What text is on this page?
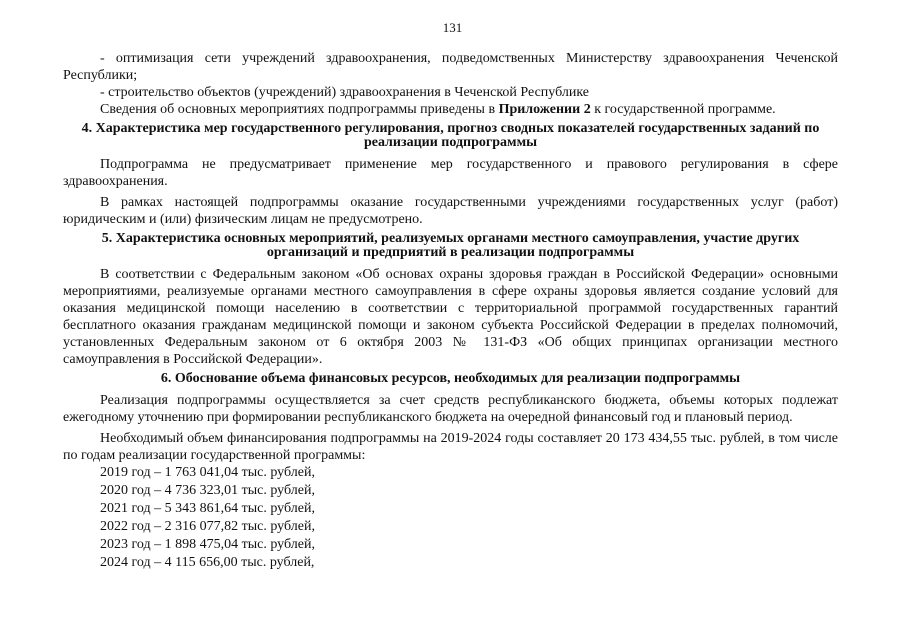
131

- оптимизация сети учреждений здравоохранения, подведомственных Министерству здравоохранения Чеченской Республики;

- строительство объектов (учреждений) здравоохранения в Чеченской Республике

Сведения об основных мероприятиях подпрограммы приведены в Приложении 2 к государственной программе.

4. Характеристика мер государственного регулирования, прогноз сводных показателей государственных заданий по реализации подпрограммы

Подпрограмма не предусматривает применение мер государственного и правового регулирования в сфере здравоохранения.

В рамках настоящей подпрограммы оказание государственными учреждениями государственных услуг (работ) юридическим и (или) физическим лицам не предусмотрено.

5. Характеристика основных мероприятий, реализуемых органами местного самоуправления, участие других организаций и предприятий в реализации подпрограммы

В соответствии с Федеральным законом «Об основах охраны здоровья граждан в Российской Федерации» основными мероприятиями, реализуемые органами местного самоуправления в сфере охраны здоровья является создание условий для оказания медицинской помощи населению в соответствии с территориальной программой государственных гарантий бесплатного оказания гражданам медицинской помощи и законом субъекта Российской Федерации в пределах полномочий, установленных Федеральным законом от 6 октября 2003 № 131-ФЗ «Об общих принципах организации местного самоуправления в Российской Федерации».

6. Обоснование объема финансовых ресурсов, необходимых для реализации подпрограммы

Реализация подпрограммы осуществляется за счет средств республиканского бюджета, объемы которых подлежат ежегодному уточнению при формировании республиканского бюджета на очередной финансовый год и плановый период.

Необходимый объем финансирования подпрограммы на 2019-2024 годы составляет 20 173 434,55 тыс. рублей, в том числе по годам реализации государственной программы:

2019 год – 1 763 041,04 тыс. рублей,
2020 год – 4 736 323,01 тыс. рублей,
2021 год – 5 343 861,64 тыс. рублей,
2022 год – 2 316 077,82 тыс. рублей,
2023 год – 1 898 475,04 тыс. рублей,
2024 год – 4 115 656,00 тыс. рублей,
